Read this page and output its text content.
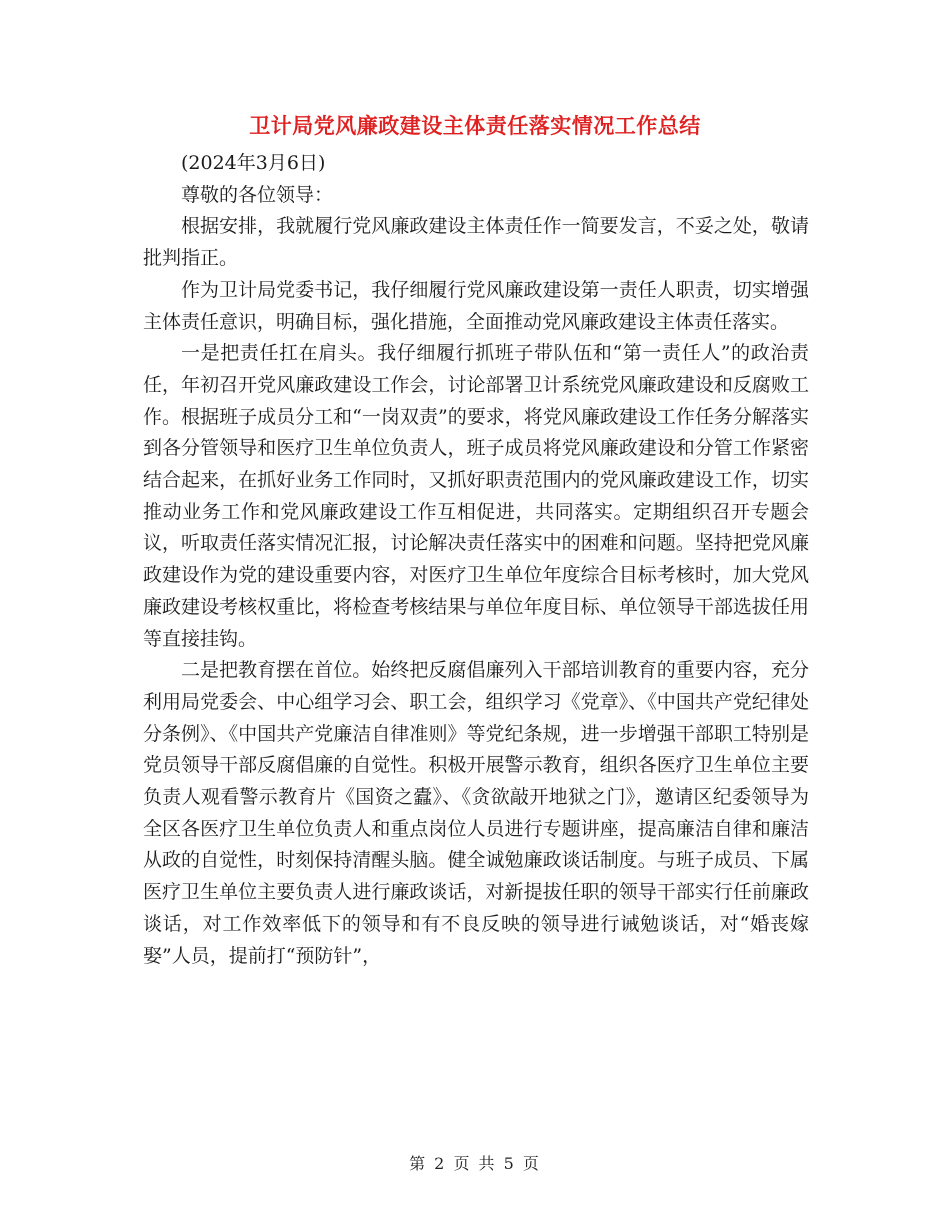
卫计局党风廉政建设主体责任落实情况工作总结

(2024年3月6日)

尊敬的各位领导：

根据安排，我就履行党风廉政建设主体责任作一简要发言，不妥之处，敬请批判指正。

作为卫计局党委书记，我仔细履行党风廉政建设第一责任人职责，切实增强主体责任意识，明确目标，强化措施，全面推动党风廉政建设主体责任落实。

一是把责任扛在肩头。我仔细履行抓班子带队伍和“第一责任人”的政治责任，年初召开党风廉政建设工作会，讨论部署卫计系统党风廉政建设和反腐败工作。根据班子成员分工和“一岗双责”的要求，将党风廉政建设工作任务分解落实到各分管领导和医疗卫生单位负责人，班子成员将党风廉政建设和分管工作紧密结合起来，在抓好业务工作同时，又抓好职责范围内的党风廉政建设工作，切实推动业务工作和党风廉政建设工作互相促进，共同落实。定期组织召开专题会议，听取责任落实情况汇报，讨论解决责任落实中的困难和问题。坚持把党风廉政建设作为党的建设重要内容，对医疗卫生单位年度综合目标考核时，加大党风廉政建设考核权重比，将检查考核结果与单位年度目标、单位领导干部选拔任用等直接挂钩。

二是把教育摆在首位。始终把反腐倡廉列入干部培训教育的重要内容，充分利用局党委会、中心组学习会、职工会，组织学习《党章》、《中国共产党纪律处分条例》、《中国共产党廉洁自律准则》等党纪条规，进一步增强干部职工特别是党员领导干部反腐倡廉的自觉性。积极开展警示教育，组织各医疗卫生单位主要负责人观看警示教育片《国资之蠹》、《贪欲敲开地狱之门》，邀请区纪委领导为全区各医疗卫生单位负责人和重点岗位人员进行专题讲座，提高廉洁自律和廉洁从政的自觉性，时刻保持清醒头脑。健全诚勉廉政谈话制度。与班子成员、下属医疗卫生单位主要负责人进行廉政谈话，对新提拔任职的领导干部实行任前廉政谈话，对工作效率低下的领导和有不良反映的领导进行诫勉谈话，对“婚丧嫁娶”人员，提前打“预防针”，

第 2 页 共 5 页
